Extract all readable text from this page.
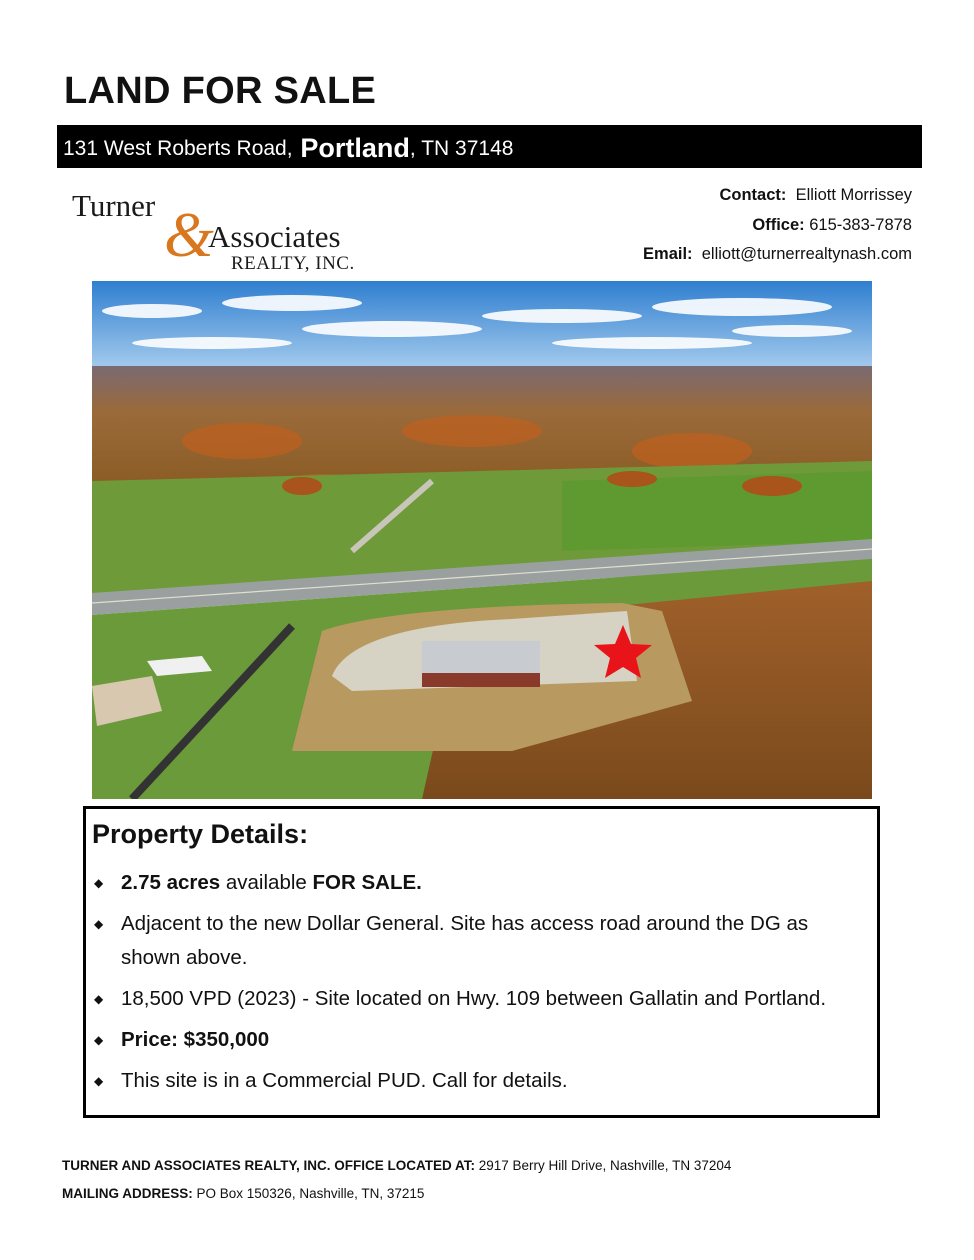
LAND FOR SALE
131 West Roberts Road, Portland , TN 37148
Turner &
Associates
REALTY, INC.
Contact: Elliott Morrissey
Office: 615-383-7878
Email: elliott@turnerrealtynash.com
Property Details:
◆ 2.75 acres available FOR SALE.
◆ Adjacent to the new Dollar General. Site has access road around the DG as shown above.
◆ 18,500 VPD (2023) - Site located on Hwy. 109 between Gallatin and Portland.
◆ Price: $350,000
◆ This site is in a Commercial PUD. Call for details.
TURNER AND ASSOCIATES REALTY, INC. OFFICE LOCATED AT: 2917 Berry Hill Drive, Nashville, TN 37204
MAILING ADDRESS: PO Box 150326, Nashville, TN, 37215
